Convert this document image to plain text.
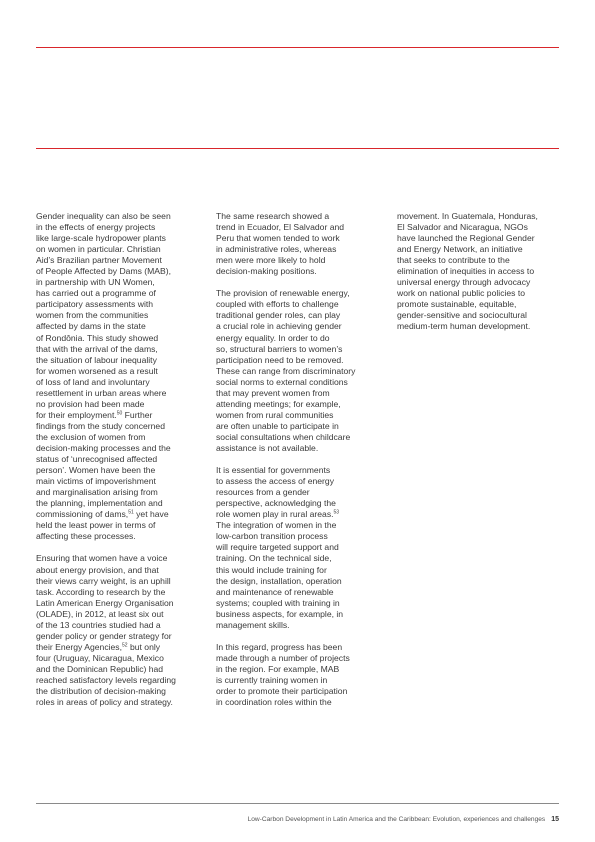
Gender inequality can also be seen
in the effects of energy projects
like large-scale hydropower plants
on women in particular. Christian
Aid’s Brazilian partner Movement
of People Affected by Dams (MAB),
in partnership with UN Women,
has carried out a programme of
participatory assessments with
women from the communities
affected by dams in the state
of Rondônia. This study showed
that with the arrival of the dams,
the situation of labour inequality
for women worsened as a result
of loss of land and involuntary
resettlement in urban areas where
no provision had been made
for their employment.$^{50}$ Further
findings from the study concerned
the exclusion of women from
decision-making processes and the
status of ‘unrecognised affected
person’. Women have been the
main victims of impoverishment
and marginalisation arising from
the planning, implementation and
commissioning of dams,$^{51}$ yet have
held the least power in terms of
affecting these processes.

Ensuring that women have a voice
about energy provision, and that
their views carry weight, is an uphill
task. According to research by the
Latin American Energy Organisation
(OLADE), in 2012, at least six out
of the 13 countries studied had a
gender policy or gender strategy for
their Energy Agencies,$^{52}$ but only
four (Uruguay, Nicaragua, Mexico
and the Dominican Republic) had
reached satisfactory levels regarding
the distribution of decision-making
roles in areas of policy and strategy.

The same research showed a
trend in Ecuador, El Salvador and
Peru that women tended to work
in administrative roles, whereas
men were more likely to hold
decision-making positions.

The provision of renewable energy,
coupled with efforts to challenge
traditional gender roles, can play
a crucial role in achieving gender
energy equality. In order to do
so, structural barriers to women’s
participation need to be removed.
These can range from discriminatory
social norms to external conditions
that may prevent women from
attending meetings; for example,
women from rural communities
are often unable to participate in
social consultations when childcare
assistance is not available.

It is essential for governments
to assess the access of energy
resources from a gender
perspective, acknowledging the
role women play in rural areas.$^{53}$
The integration of women in the
low-carbon transition process
will require targeted support and
training. On the technical side,
this would include training for
the design, installation, operation
and maintenance of renewable
systems; coupled with training in
business aspects, for example, in
management skills.

In this regard, progress has been
made through a number of projects
in the region. For example, MAB
is currently training women in
order to promote their participation
in coordination roles within the

movement. In Guatemala, Honduras,
El Salvador and Nicaragua, NGOs
have launched the Regional Gender
and Energy Network, an initiative
that seeks to contribute to the
elimination of inequities in access to
universal energy through advocacy
work on national public policies to
promote sustainable, equitable,
gender-sensitive and sociocultural
medium-term human development.

Low-Carbon Development in Latin America and the Caribbean: Evolution, experiences and challenges 15
